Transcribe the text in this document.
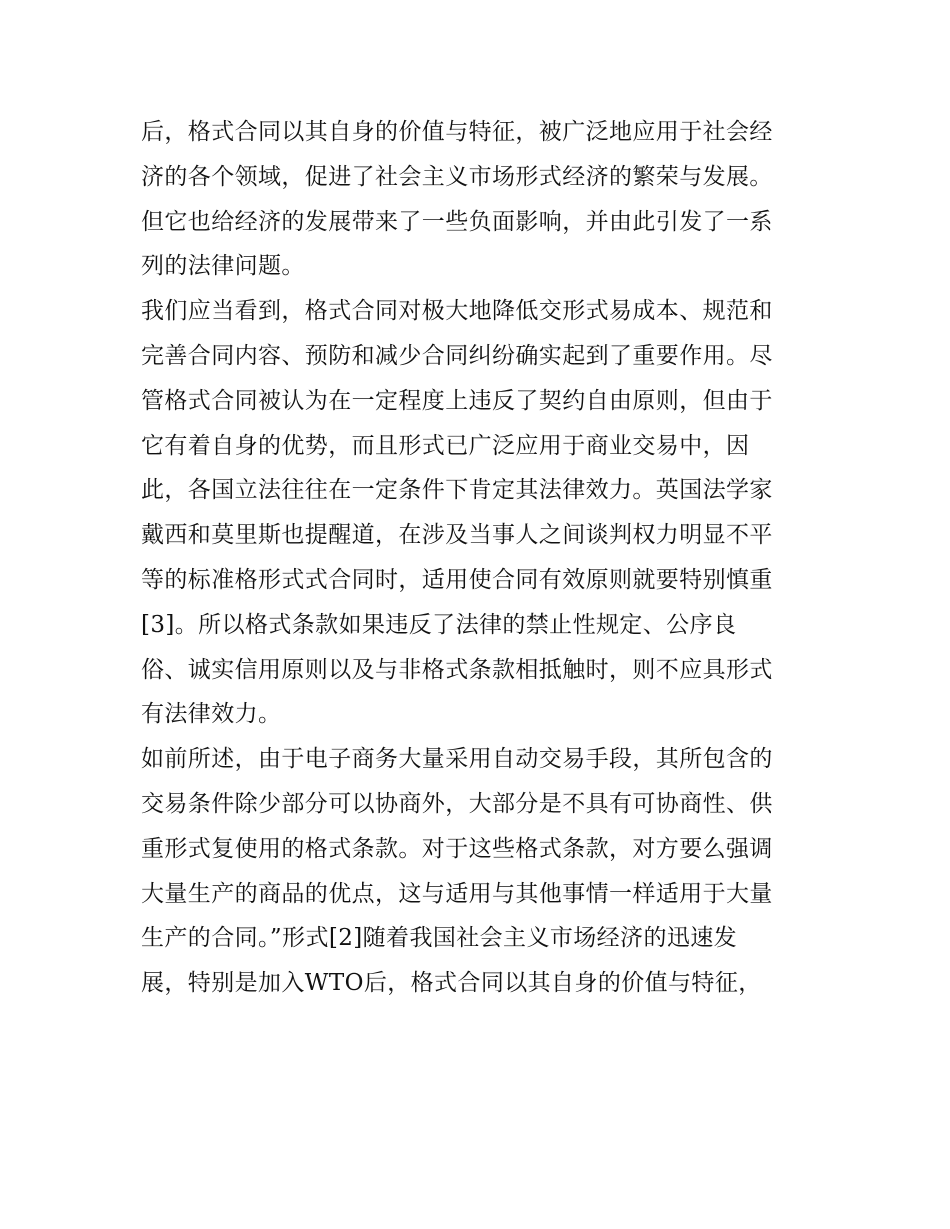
后，格式合同以其自身的价值与特征，被广泛地应用于社会经
济的各个领域，促进了社会主义市场形式经济的繁荣与发展。
但它也给经济的发展带来了一些负面影响，并由此引发了一系
列的法律问题。
我们应当看到，格式合同对极大地降低交形式易成本、规范和
完善合同内容、预防和减少合同纠纷确实起到了重要作用。尽
管格式合同被认为在一定程度上违反了契约自由原则，但由于
它有着自身的优势，而且形式已广泛应用于商业交易中，因
此，各国立法往往在一定条件下肯定其法律效力。英国法学家
戴西和莫里斯也提醒道，在涉及当事人之间谈判权力明显不平
等的标准格形式式合同时，适用使合同有效原则就要特别慎重
[3]。所以格式条款如果违反了法律的禁止性规定、公序良
俗、诚实信用原则以及与非格式条款相抵触时，则不应具形式
有法律效力。
如前所述，由于电子商务大量采用自动交易手段，其所包含的
交易条件除少部分可以协商外，大部分是不具有可协商性、供
重形式复使用的格式条款。对于这些格式条款，对方要么强调
大量生产的商品的优点，这与适用与其他事情一样适用于大量
生产的合同。”形式[2]随着我国社会主义市场经济的迅速发
展，特别是加入WTO后，格式合同以其自身的价值与特征，
